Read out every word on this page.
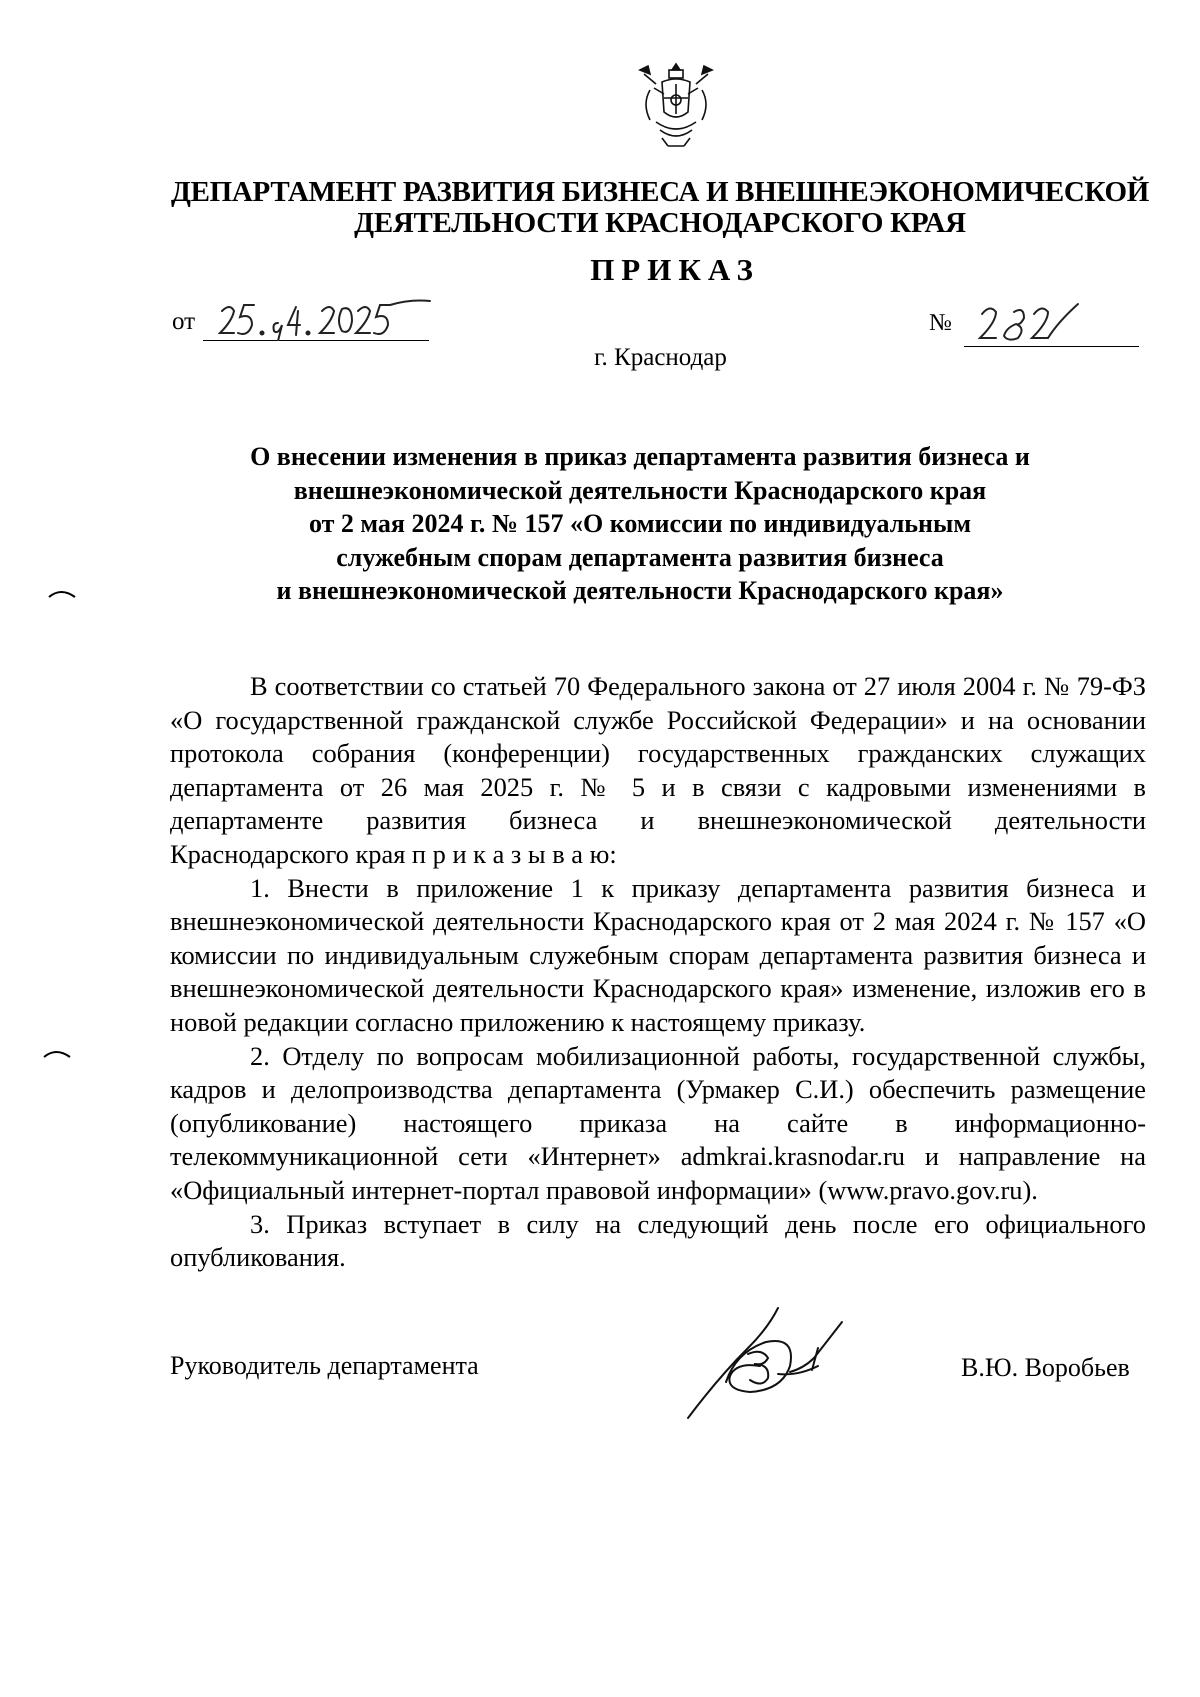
ДЕПАРТАМЕНТ РАЗВИТИЯ БИЗНЕСА И ВНЕШНЕЭКОНОМИЧЕСКОЙ
ДЕЯТЕЛЬНОСТИ КРАСНОДАРСКОГО КРАЯ
ПРИКАЗ
от	№
г. Краснодар
О внесении изменения в приказ департамента развития бизнеса и
внешнеэкономической деятельности Краснодарского края
от 2 мая 2024 г. № 157 «О комиссии по индивидуальным
служебным спорам департамента развития бизнеса
и внешнеэкономической деятельности Краснодарского края»

В соответствии со статьей 70 Федерального закона от 27 июля 2004 г. № 79-ФЗ «О государственной гражданской службе Российской Федерации» и на основании протокола собрания (конференции) государственных гражданских служащих департамента от 26 мая 2025 г. № 5 и в связи с кадровыми изменениями в департаменте развития бизнеса и внешнеэкономической деятельности Краснодарского края п р и к а з ы в а ю:

1. Внести в приложение 1 к приказу департамента развития бизнеса и внешнеэкономической деятельности Краснодарского края от 2 мая 2024 г. № 157 «О комиссии по индивидуальным служебным спорам департамента развития бизнеса и внешнеэкономической деятельности Краснодарского края» изменение, изложив его в новой редакции согласно приложению к настоящему приказу.

2. Отделу по вопросам мобилизационной работы, государственной службы, кадров и делопроизводства департамента (Урмакер С.И.) обеспечить размещение (опубликование) настоящего приказа на сайте в информационно-телекоммуникационной сети «Интернет» admkrai.krasnodar.ru и направление на «Официальный интернет-портал правовой информации» (www.pravo.gov.ru).

3. Приказ вступает в силу на следующий день после его официального опубликования.

Руководитель департамента	В.Ю. Воробьев
